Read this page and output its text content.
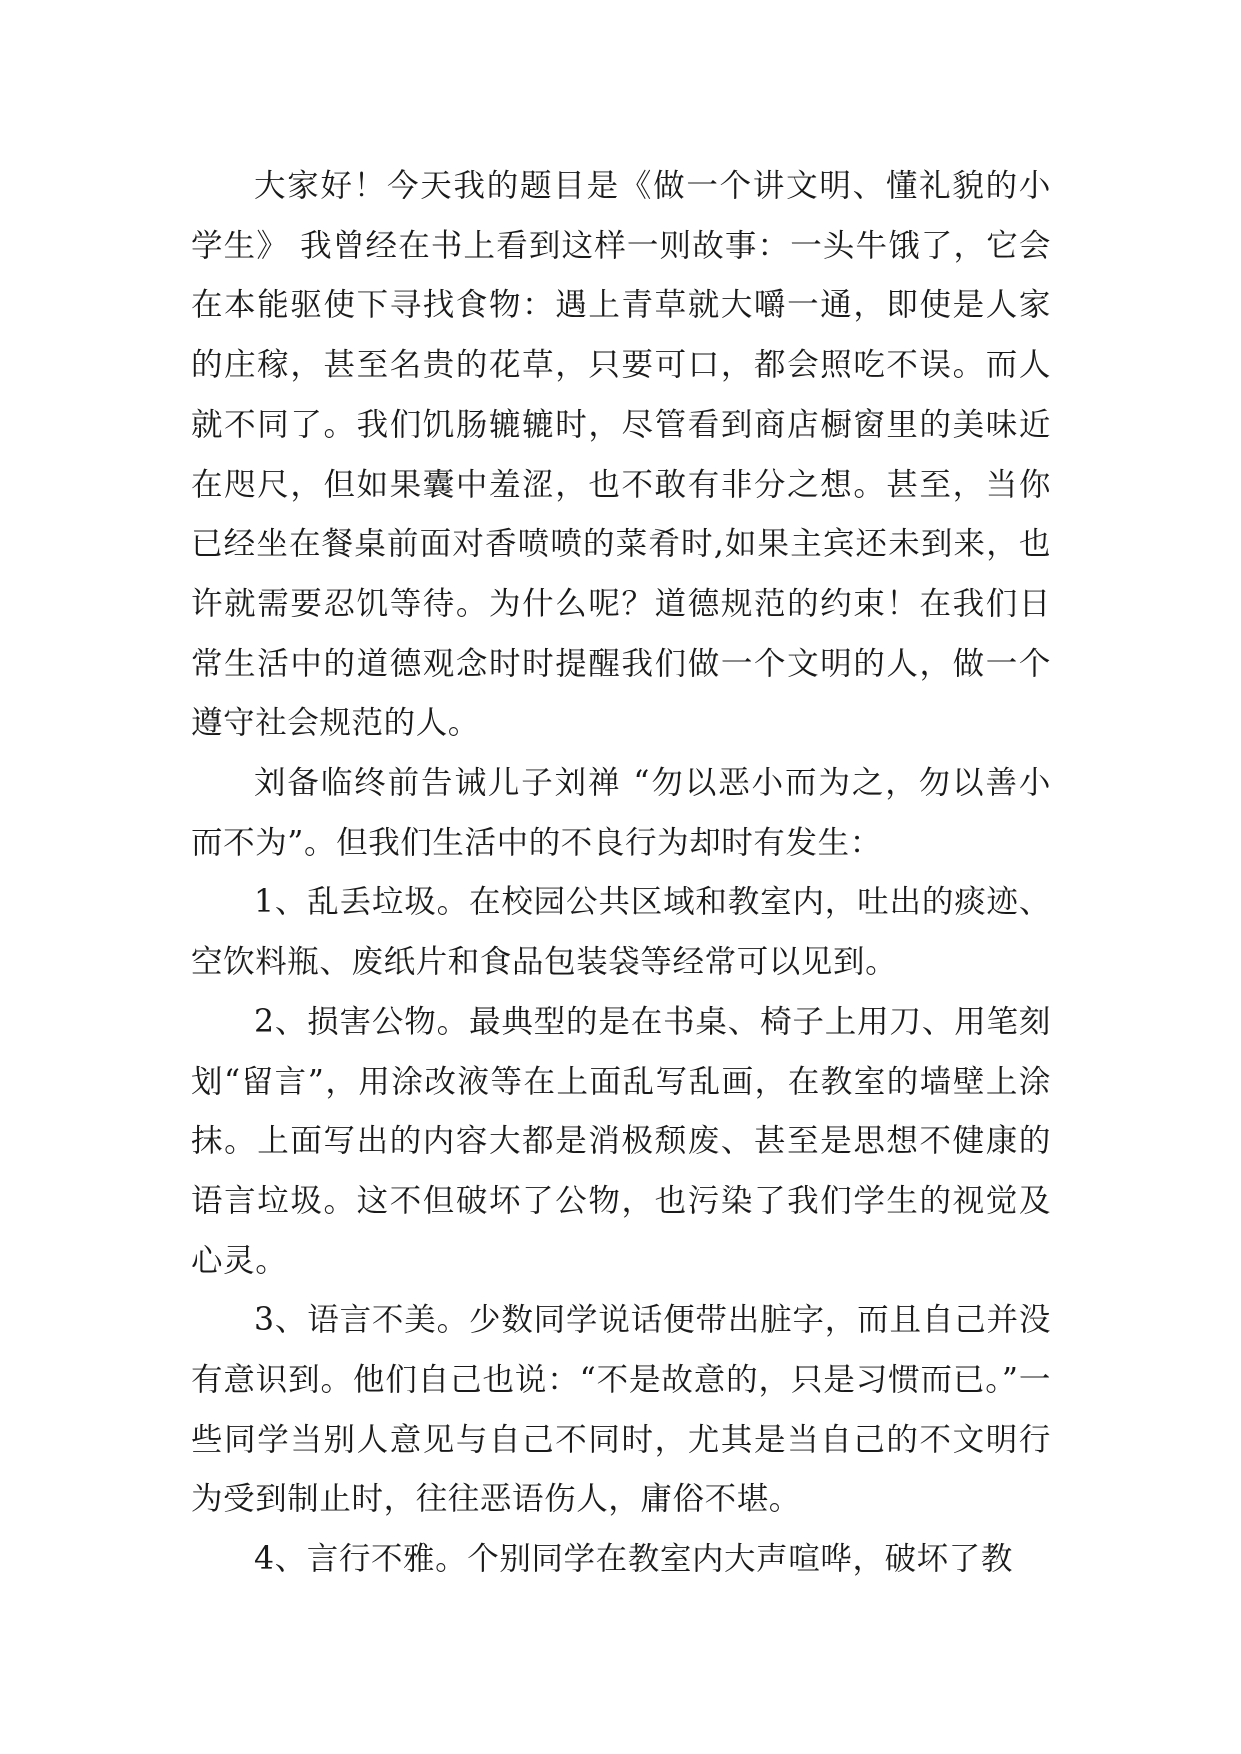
大家好！今天我的题目是《做一个讲文明、懂礼貌的小学生》 我曾经在书上看到这样一则故事：一头牛饿了，它会在本能驱使下寻找食物：遇上青草就大嚼一通，即使是人家的庄稼，甚至名贵的花草，只要可口，都会照吃不误。而人就不同了。我们饥肠辘辘时，尽管看到商店橱窗里的美味近在咫尺，但如果囊中羞涩，也不敢有非分之想。甚至，当你已经坐在餐桌前面对香喷喷的菜肴时,如果主宾还未到来，也许就需要忍饥等待。为什么呢？道德规范的约束！在我们日常生活中的道德观念时时提醒我们做一个文明的人，做一个遵守社会规范的人。

刘备临终前告诫儿子刘禅 “勿以恶小而为之，勿以善小而不为”。但我们生活中的不良行为却时有发生：

1、乱丢垃圾。在校园公共区域和教室内，吐出的痰迹、空饮料瓶、废纸片和食品包装袋等经常可以见到。

2、损害公物。最典型的是在书桌、椅子上用刀、用笔刻划“留言”，用涂改液等在上面乱写乱画，在教室的墙壁上涂抹。上面写出的内容大都是消极颓废、甚至是思想不健康的语言垃圾。这不但破坏了公物，也污染了我们学生的视觉及心灵。

3、语言不美。少数同学说话便带出脏字，而且自己并没有意识到。他们自己也说：“不是故意的，只是习惯而已。”一些同学当别人意见与自己不同时，尤其是当自己的不文明行为受到制止时，往往恶语伤人，庸俗不堪。

4、言行不雅。个别同学在教室内大声喧哗，破坏了教
